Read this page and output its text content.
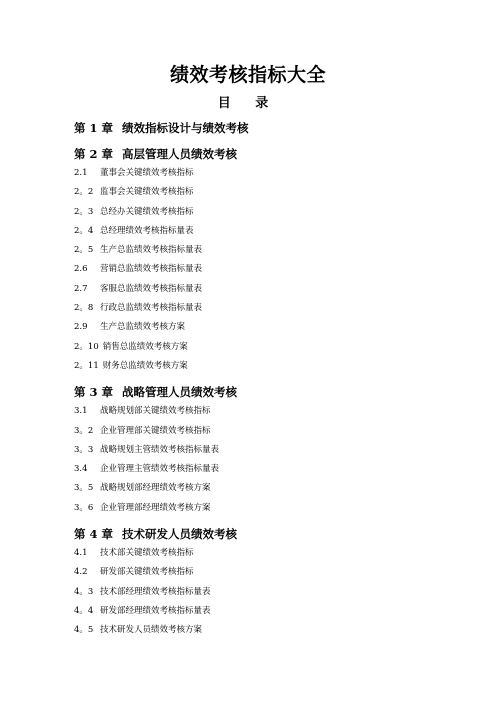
绩效考核指标大全
目 录
第 1 章 绩效指标设计与绩效考核
第 2 章 高层管理人员绩效考核
2.1 董事会关键绩效考核指标
2。2 监事会关键绩效考核指标
2。3 总经办关键绩效考核指标
2。4 总经理绩效考核指标量表
2。5 生产总监绩效考核指标量表
2.6 营销总监绩效考核指标量表
2.7 客服总监绩效考核指标量表
2。8 行政总监绩效考核指标量表
2.9 生产总监绩效考核方案
2。10 销售总监绩效考核方案
2。11 财务总监绩效考核方案
第 3 章 战略管理人员绩效考核
3.1 战略规划部关键绩效考核指标
3。2 企业管理部关键绩效考核指标
3。3 战略规划主管绩效考核指标量表
3.4 企业管理主管绩效考核指标量表
3。5 战略规划部经理绩效考核方案
3。6 企业管理部经理绩效考核方案
第 4 章 技术研发人员绩效考核
4.1 技术部关键绩效考核指标
4.2 研发部关键绩效考核指标
4。3 技术部经理绩效考核指标量表
4。4 研发部经理绩效考核指标量表
4。5 技术研发人员绩效考核方案
